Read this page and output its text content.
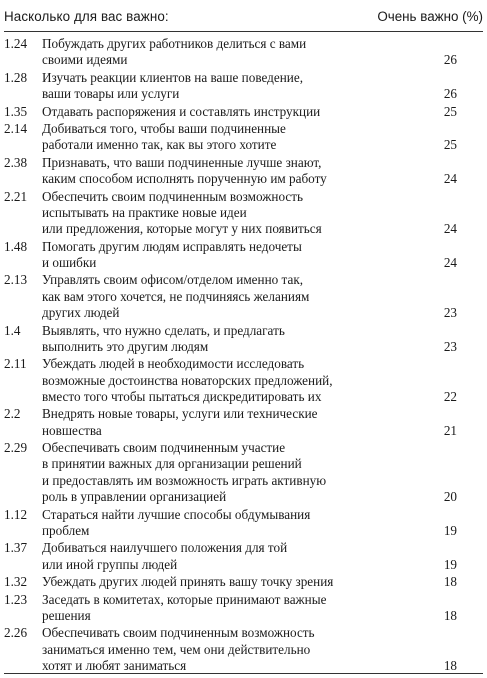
Насколько для вас важно:	Очень важно (%)
1.24	Побуждать других работников делиться с вами
своими идеями	26
1.28	Изучать реакции клиентов на ваше поведение,
ваши товары или услуги	26
1.35	Отдавать распоряжения и составлять инструкции	25
2.14	Добиваться того, чтобы ваши подчиненные
работали именно так, как вы этого хотите	25
2.38	Признавать, что ваши подчиненные лучше знают,
каким способом исполнять порученную им работу	24
2.21	Обеспечить своим подчиненным возможность
испытывать на практике новые идеи
или предложения, которые могут у них появиться	24
1.48	Помогать другим людям исправлять недочеты
и ошибки	24
2.13	Управлять своим офисом/отделом именно так,
как вам этого хочется, не подчиняясь желаниям
других людей	23
1.4	Выявлять, что нужно сделать, и предлагать
выполнить это другим людям	23
2.11	Убеждать людей в необходимости исследовать
возможные достоинства новаторских предложений,
вместо того чтобы пытаться дискредитировать их	22
2.2	Внедрять новые товары, услуги или технические
новшества	21
2.29	Обеспечивать своим подчиненным участие
в принятии важных для организации решений
и предоставлять им возможность играть активную
роль в управлении организацией	20
1.12	Стараться найти лучшие способы обдумывания
проблем	19
1.37	Добиваться наилучшего положения для той
или иной группы людей	19
1.32	Убеждать других людей принять вашу точку зрения	18
1.23	Заседать в комитетах, которые принимают важные
решения	18
2.26	Обеспечивать своим подчиненным возможность
заниматься именно тем, чем они действительно
хотят и любят заниматься	18
